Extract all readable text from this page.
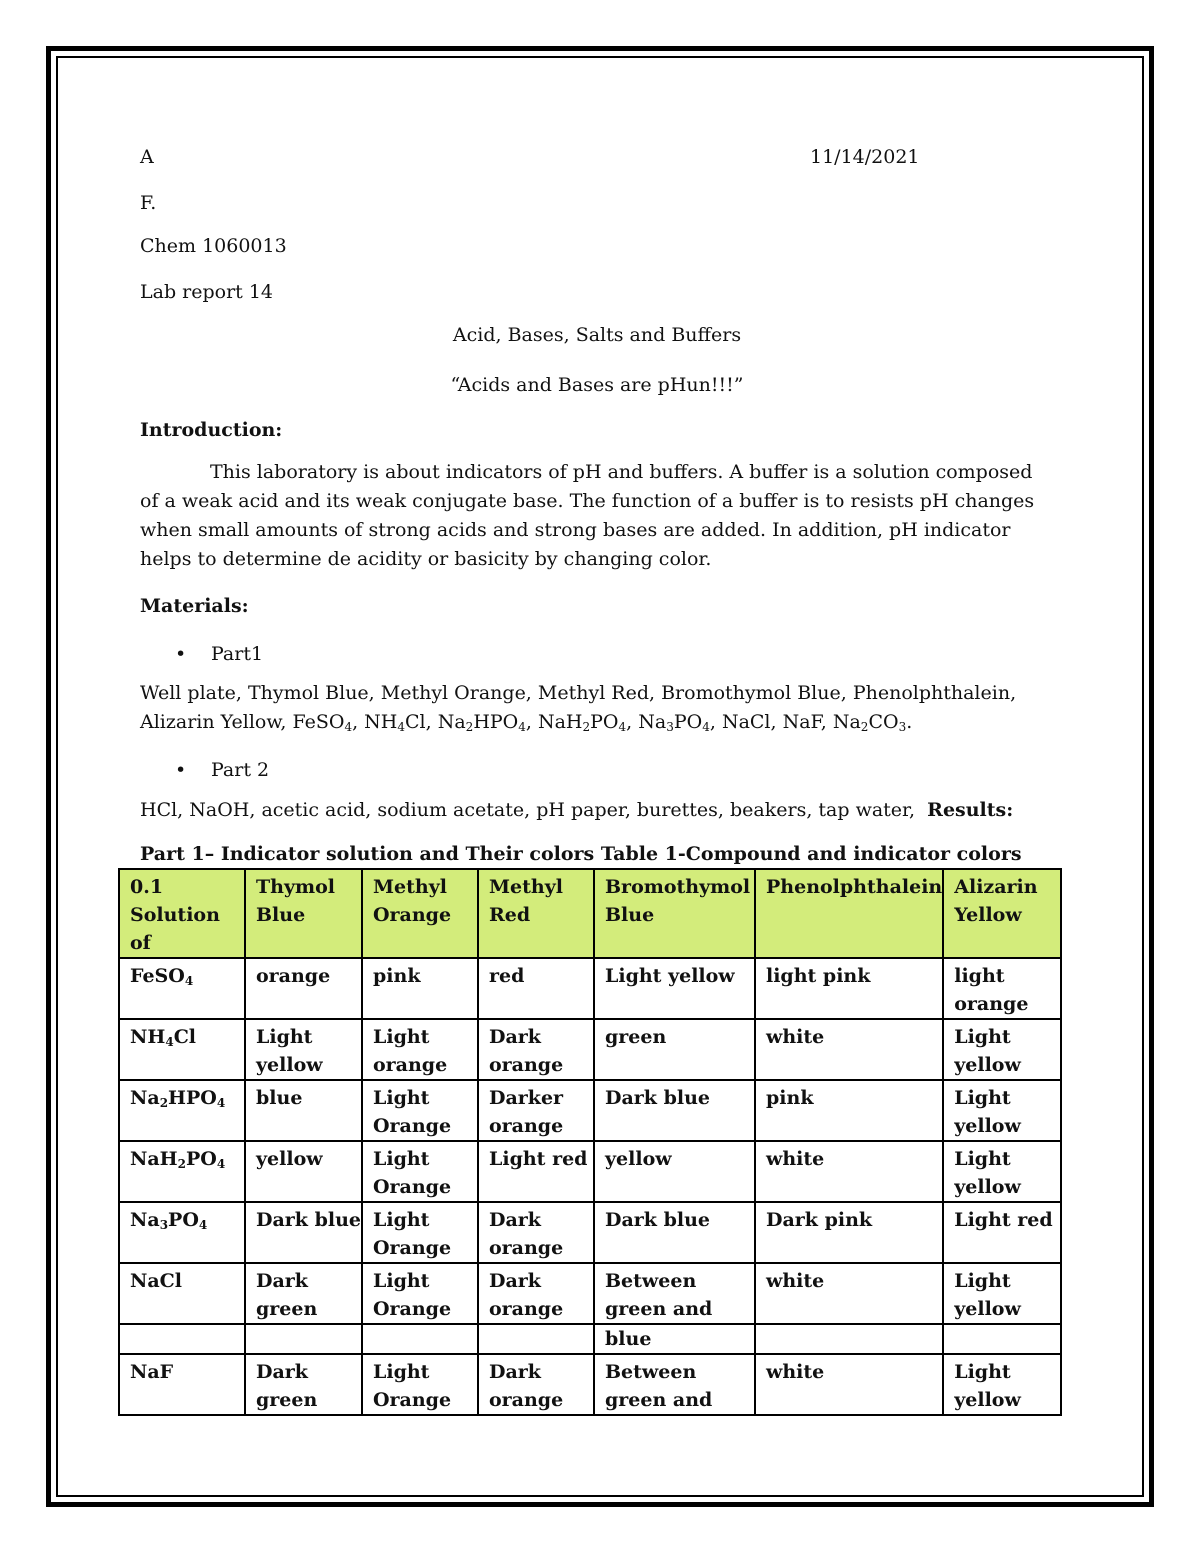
A	11/14/2021
F.
Chem 1060013
Lab report 14
Acid, Bases, Salts and Buffers
“Acids and Bases are pHun!!!”
Introduction:
This laboratory is about indicators of pH and buffers. A buffer is a solution composed of a weak acid and its weak conjugate base. The function of a buffer is to resists pH changes when small amounts of strong acids and strong bases are added. In addition, pH indicator helps to determine de acidity or basicity by changing color.
Materials:
• Part1
Well plate, Thymol Blue, Methyl Orange, Methyl Red, Bromothymol Blue, Phenolphthalein, Alizarin Yellow, FeSO$_4$, $NH_4Cl$, $Na_2HPO_4$, $NaH_2PO_4$, $Na_3PO_4$, NaCl, NaF, $Na_2CO_3$.
• Part 2
HCl, NaOH, acetic acid, sodium acetate, pH paper, burettes, beakers, tap water, Results:
Part 1– Indicator solution and Their colors Table 1-Compound and indicator colors
0.1 Solution of	Thymol Blue	Methyl Orange	Methyl Red	Bromothymol Blue	Phenolphthalein	Alizarin Yellow
FeSO$_4$	orange	pink	red	Light yellow	light pink	light orange
$NH_4Cl$	Light yellow	Light orange	Dark orange	green	white	Light yellow
$Na_2HPO_4$	blue	Light Orange	Darker orange	Dark blue	pink	Light yellow
$NaH_2PO_4$	yellow	Light Orange	Light red	yellow	white	Light yellow
$Na_3PO_4$	Dark blue	Light Orange	Dark orange	Dark blue	Dark pink	Light red
NaCl	Dark green	Light Orange	Dark orange	Between green and	white	Light yellow
				blue		
NaF	Dark green	Light Orange	Dark orange	Between green and	white	Light yellow
